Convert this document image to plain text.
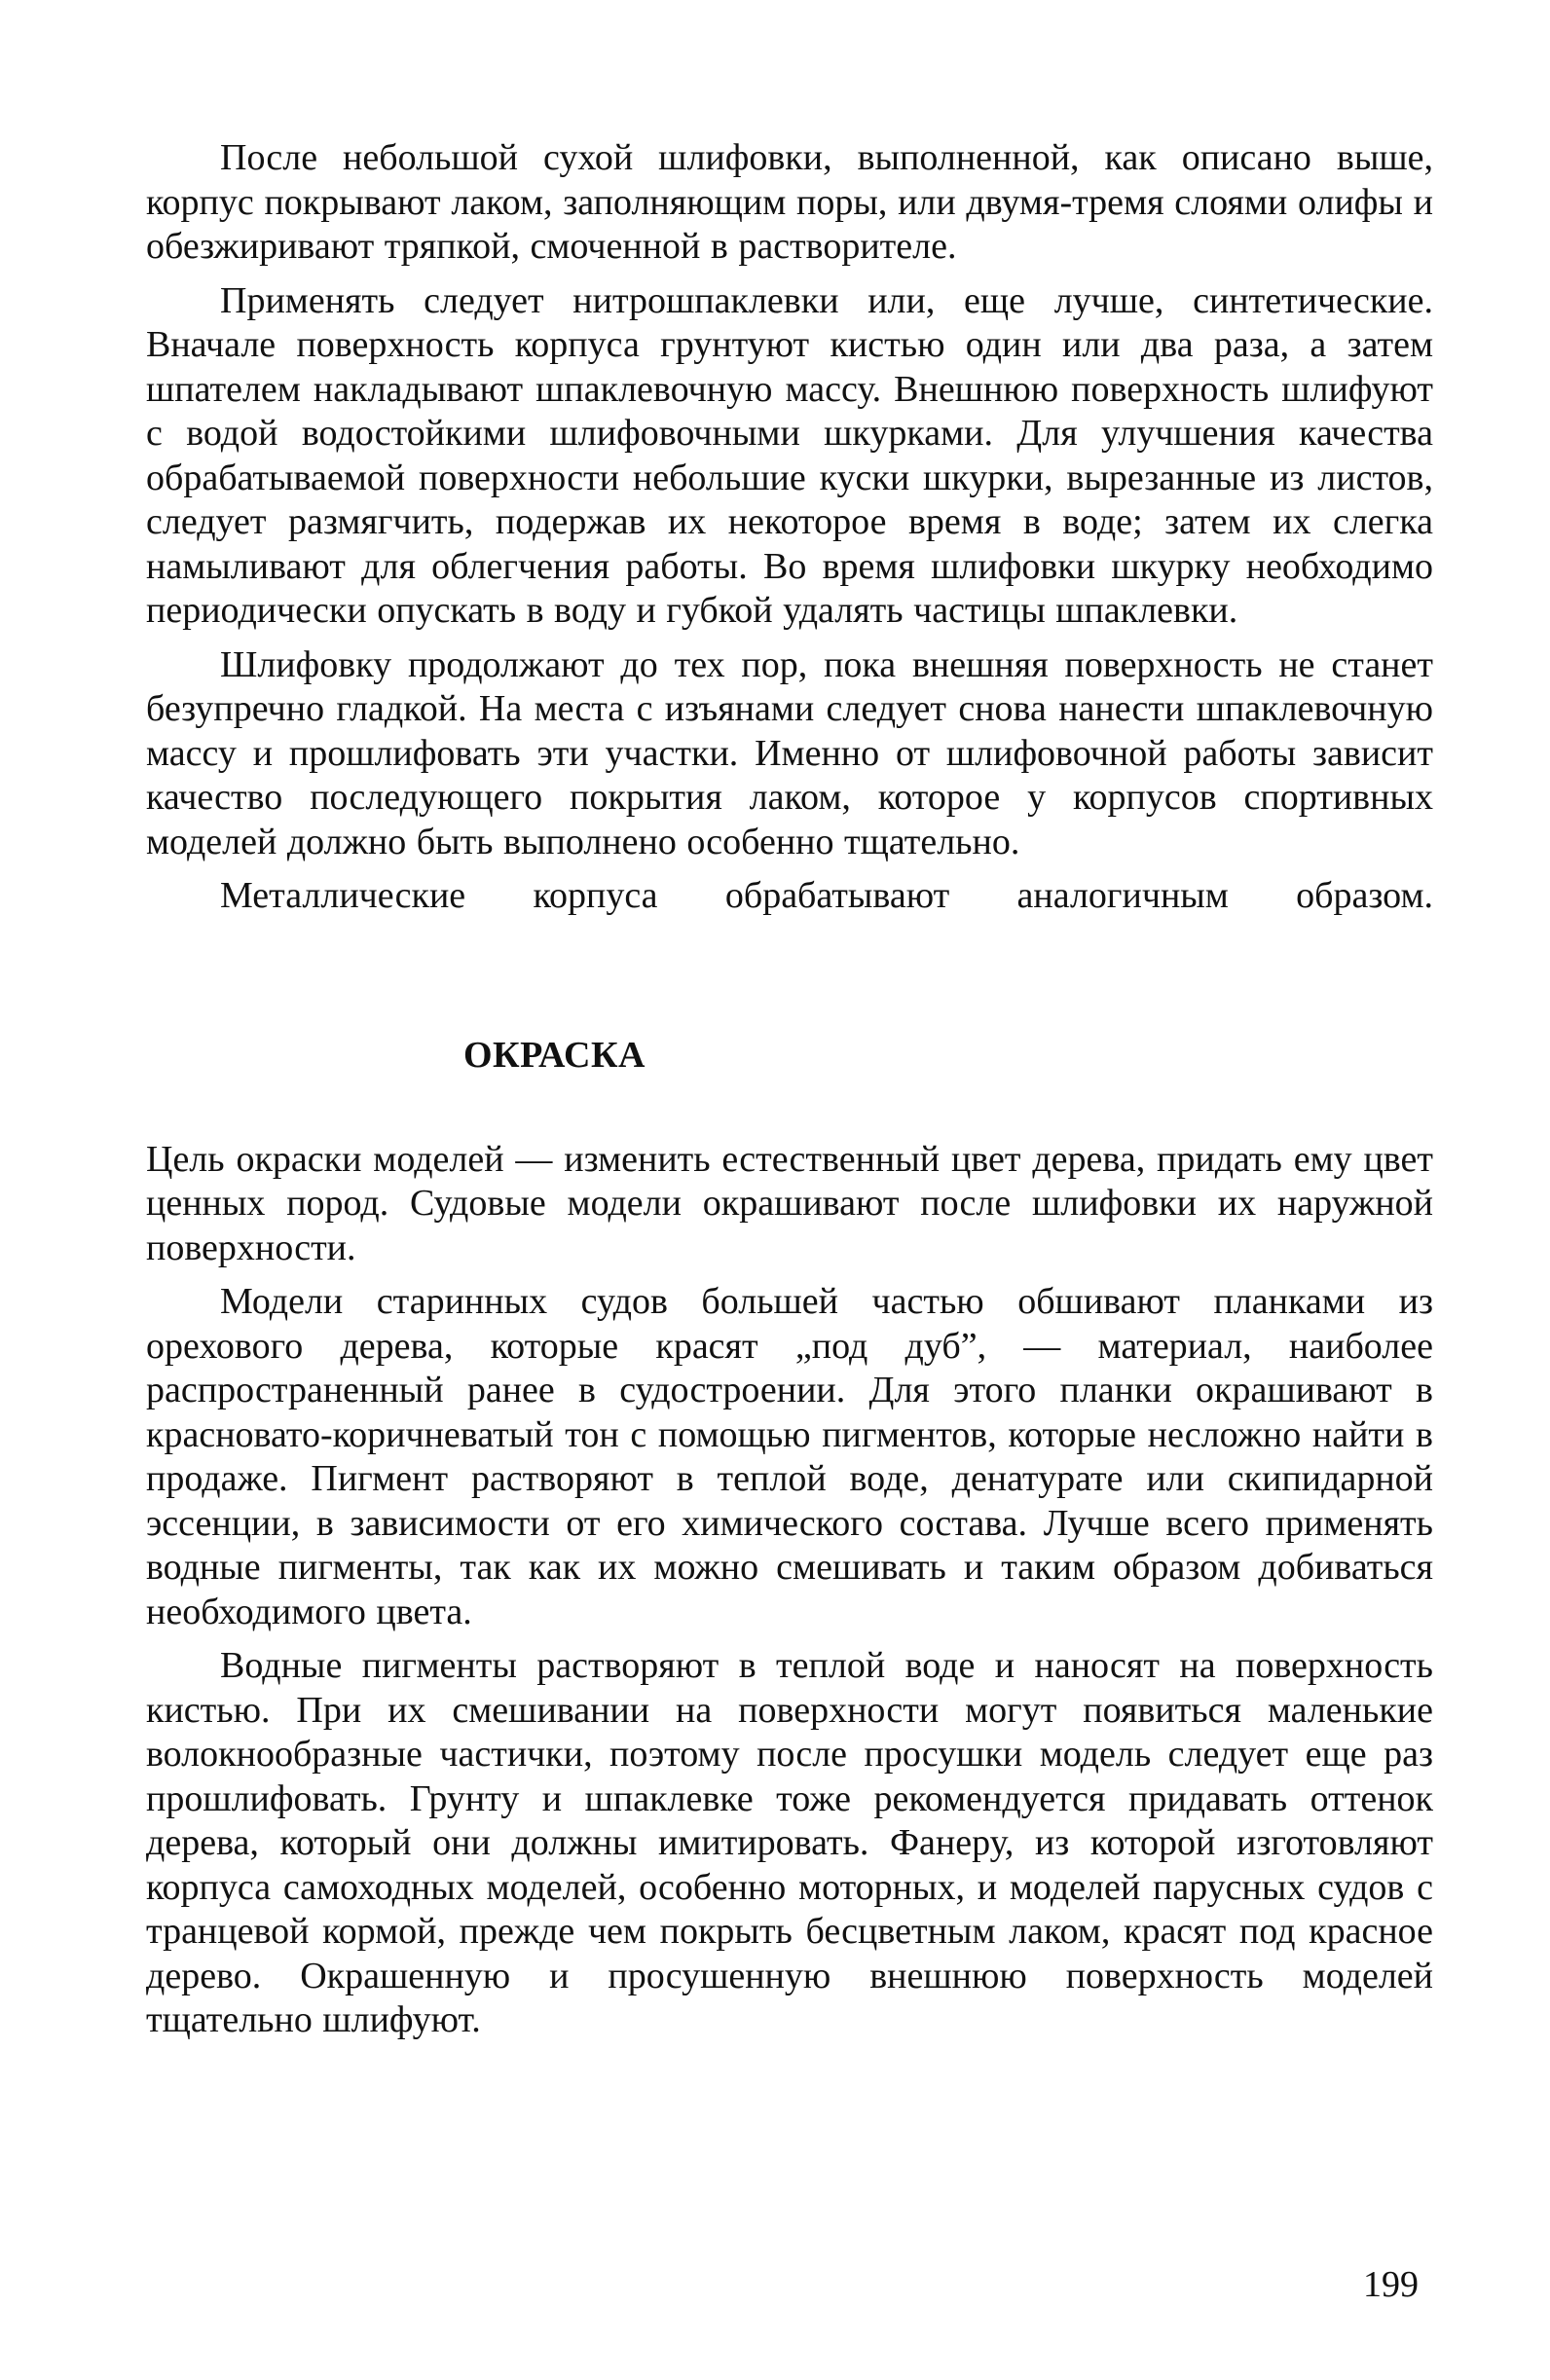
После небольшой сухой шлифовки, выполненной, как описано выше, корпус покрывают лаком, заполняющим поры, или двумя-тремя слоями олифы и обезжиривают тряпкой, смоченной в растворителе.

Применять следует нитрошпаклевки или, еще лучше, синтетические. Вначале поверхность корпуса грунтуют кистью один или два раза, а затем шпателем накладывают шпаклевочную массу. Внешнюю поверхность шлифуют с водой водостойкими шлифовочными шкурками. Для улучшения качества обрабатываемой поверхности небольшие куски шкурки, вырезанные из листов, следует размягчить, подержав их некоторое время в воде; затем их слегка намыливают для облегчения работы. Во время шлифовки шкурку необходимо периодически опускать в воду и губкой удалять частицы шпаклевки.

Шлифовку продолжают до тех пор, пока внешняя поверхность не станет безупречно гладкой. На места с изъянами следует снова нанести шпаклевочную массу и прошлифовать эти участки. Именно от шлифовочной работы зависит качество последующего покрытия лаком, которое у корпусов спортивных моделей должно быть выполнено особенно тщательно.

Металлические корпуса обрабатывают аналогичным образом.

ОКРАСКА

Цель окраски моделей — изменить естественный цвет дерева, придать ему цвет ценных пород. Судовые модели окрашивают после шлифовки их наружной поверхности.

Модели старинных судов большей частью обшивают планками из орехового дерева, которые красят „под дуб”, — материал, наиболее распространенный ранее в судостроении. Для этого планки окрашивают в красновато-коричневатый тон с помощью пигментов, которые несложно найти в продаже. Пигмент растворяют в теплой воде, денатурате или скипидарной эссенции, в зависимости от его химического состава. Лучше всего применять водные пигменты, так как их можно смешивать и таким образом добиваться необходимого цвета.

Водные пигменты растворяют в теплой воде и наносят на поверхность кистью. При их смешивании на поверхности могут появиться маленькие волокнообразные частички, поэтому после просушки модель следует еще раз прошлифовать. Грунту и шпаклевке тоже рекомендуется придавать оттенок дерева, который они должны имитировать. Фанеру, из которой изготовляют корпуса самоходных моделей, особенно моторных, и моделей парусных судов с транцевой кормой, прежде чем покрыть бесцветным лаком, красят под красное дерево. Окрашенную и просушенную внешнюю поверхность моделей тщательно шлифуют.

199
